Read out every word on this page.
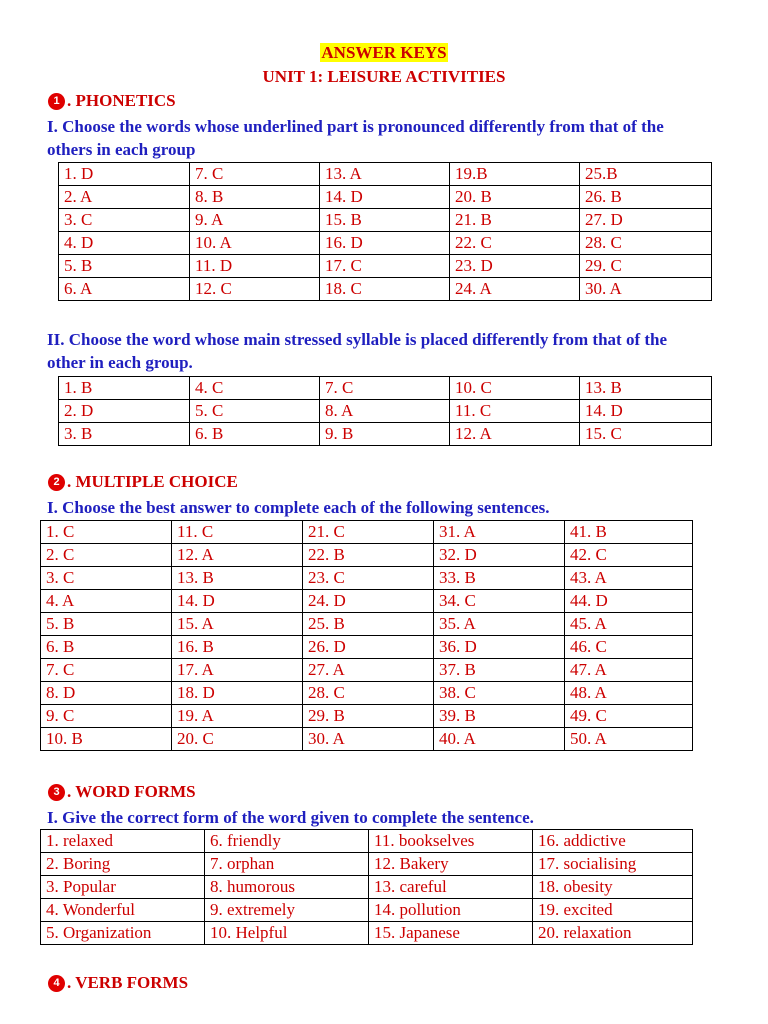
ANSWER KEYS
UNIT 1: LEISURE ACTIVITIES
1 . PHONETICS
I. Choose the words whose underlined part is pronounced differently from that of the
others in each group
1. D	7. C	13. A	19.B	25.B
2. A	8. B	14. D	20. B	26. B
3. C	9. A	15. B	21. B	27. D
4. D	10. A	16. D	22. C	28. C
5. B	11. D	17. C	23. D	29. C
6. A	12. C	18. C	24. A	30. A
II. Choose the word whose main stressed syllable is placed differently from that of the
other in each group.
1. B	4. C	7. C	10. C	13. B
2. D	5. C	8. A	11. C	14. D
3. B	6. B	9. B	12. A	15. C
2 . MULTIPLE CHOICE
I. Choose the best answer to complete each of the following sentences.
1. C	11. C	21. C	31. A	41. B
2. C	12. A	22. B	32. D	42. C
3. C	13. B	23. C	33. B	43. A
4. A	14. D	24. D	34. C	44. D
5. B	15. A	25. B	35. A	45. A
6. B	16. B	26. D	36. D	46. C
7. C	17. A	27. A	37. B	47. A
8. D	18. D	28. C	38. C	48. A
9. C	19. A	29. B	39. B	49. C
10. B	20. C	30. A	40. A	50. A
3 . WORD FORMS
I. Give the correct form of the word given to complete the sentence.
1. relaxed	6. friendly	11. bookselves	16. addictive
2. Boring	7. orphan	12. Bakery	17. socialising
3. Popular	8. humorous	13. careful	18. obesity
4. Wonderful	9. extremely	14. pollution	19. excited
5. Organization	10. Helpful	15. Japanese	20. relaxation
4 . VERB FORMS
